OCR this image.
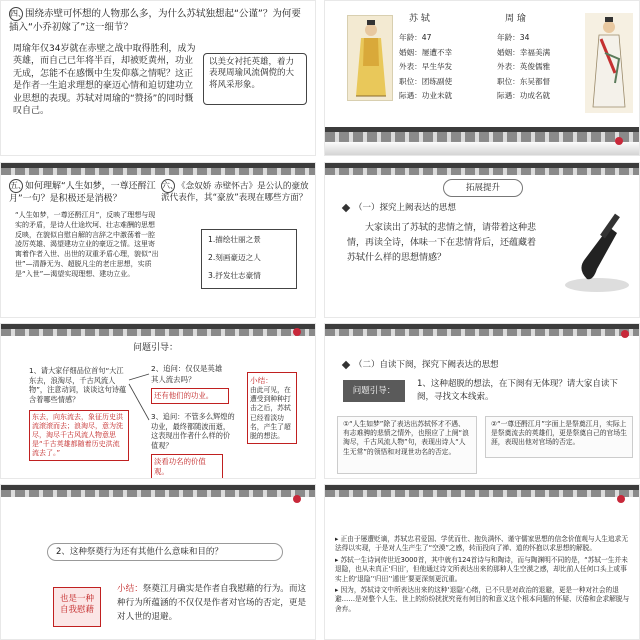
四、围绕赤壁可怀想的人物那么多，为什么苏轼独想起“公谨”？为何要插入“小乔初嫁了”这一细节？
周瑜年仅34岁就在赤壁之战中取得胜利，成为英雄，而自己已年将半百，却被贬黄州，功业无成，怎能不在感慨中生发仰慕之情呢？这正是作者一生追求理想的豪迈心情和迫切建功立业思想的表现。苏轼对周瑜的“赞扬”的同时慨叹自己。
以美女衬托英雄，着力表现周瑜风流倜傥的大将风采形象。
苏 轼
年龄：47
婚姻：屡遭不幸
外表：早生华发
职位：团练副使
际遇：功业未就
周 瑜
年龄：34
婚姻：幸福美满
外表：英俊儒雅
职位：东吴都督
际遇：功成名就
五、如何理解“人生如梦，一尊还酹江月”一句？是积极还是消极？
六、《念奴娇 赤壁怀古》是公认的豪放派代表作，其“豪放”表现在哪些方面？
“人生如梦，一尊还酹江月”，反映了理想与现实的矛盾，是诗人仕途坎坷、壮志难酬的思想反映，在貌似自慰自解的言辞之中激荡着一腔凌厉英雄、渴望建功立业的豪迈之情。这里寄寓着作者入世、出世的双重矛盾心理，貌似“出世”—清静无为、超脱凡尘的老庄思想，实质是“入世”—渴望实现理想、建功立业。
1.描绘壮丽之景
2.刻画豪迈之人
3.抒发壮志豪情
拓展提升
（一）探究上阙表达的思想
大家读出了苏轼的悲情之情，请带着这种悲情，再读全诗，体味一下在悲情背后，还蕴藏着苏轼什么样的思想情感？
问题引导：
1、请大家仔细品位首句“大江东去，浪淘尽，千古风流人物”，注意动词，谈谈这句诗蕴含着哪些情感？
东去，向东流去，象征历史洪流滚滚而去；浪淘尽，意为洗尽，淘尽千古风流人物意思是“千古英雄都随着历史洪流流去了。”
2、追问：仅仅是英雄其人流去吗？
还有他们的功业。
3、追问：不管多么辉煌的功业，最终都随波而逝，这表现出作者什么样的价值观？
淡看功名的价值观。
小结：
由此可见，在遭受到种种打击之后，苏轼已经看淡功名，产生了超脱的想法。
（二）自读下阕，探究下阙表达的思想
问题引导：
1、这种超脱的想法，在下阕有无体现？请大家自读下阕，寻找文本线索。
①“人生如梦”除了表达出苏轼怀才不遇、有志难骋的悲愤之情外，也照应了上阕“浪淘尽，千古风流人物”句，表现出诗人“人生无常”的领悟和对现世功名的否定。
②“一尊还酹江月”字面上是祭奠江月，实际上是祭奠流去的英雄们，更是祭奠自己的官场生涯，表现出他对官场的否定。
2、这种祭奠行为还有其他什么意味和目的？
也是一种自我慰藉
小结：祭奠江月确实是作者自我慰藉的行为。而这种行为所蕴涵的不仅仅是作者对官场的否定，更是对人世的退避。
▸ 正由于屡遭贬谪，苏轼忠君爱国、学优而仕、抱负满怀、谨守儒家思想的信念价值观与人生追求无法得以实现，于是对人生产生了“空漠”之感，转而投向了禅、道的怀抱以求思想的解脱。
▸ 苏轼一生诗词传世近3000首，其中就有124首诗与和陶诗，而与陶渊明不同的是，“苏轼一生并未退隐，也从未真正‘归田’，但他通过诗文所表达出来的那种人生空漠之感，却比前人任何口头上或事实上的‘退隐’‘归田’‘遁世’要更深刻更沉重。
▸ 因为，苏轼诗文中所表达出来的这种‘退隐’心绪，已不只是对政治的退避，更是一种对社会的退避……是对整个人生、世上的纷纷扰扰究竟有何目的和意义这个根本问题的怀疑、厌倦和企求解脱与舍弃。
